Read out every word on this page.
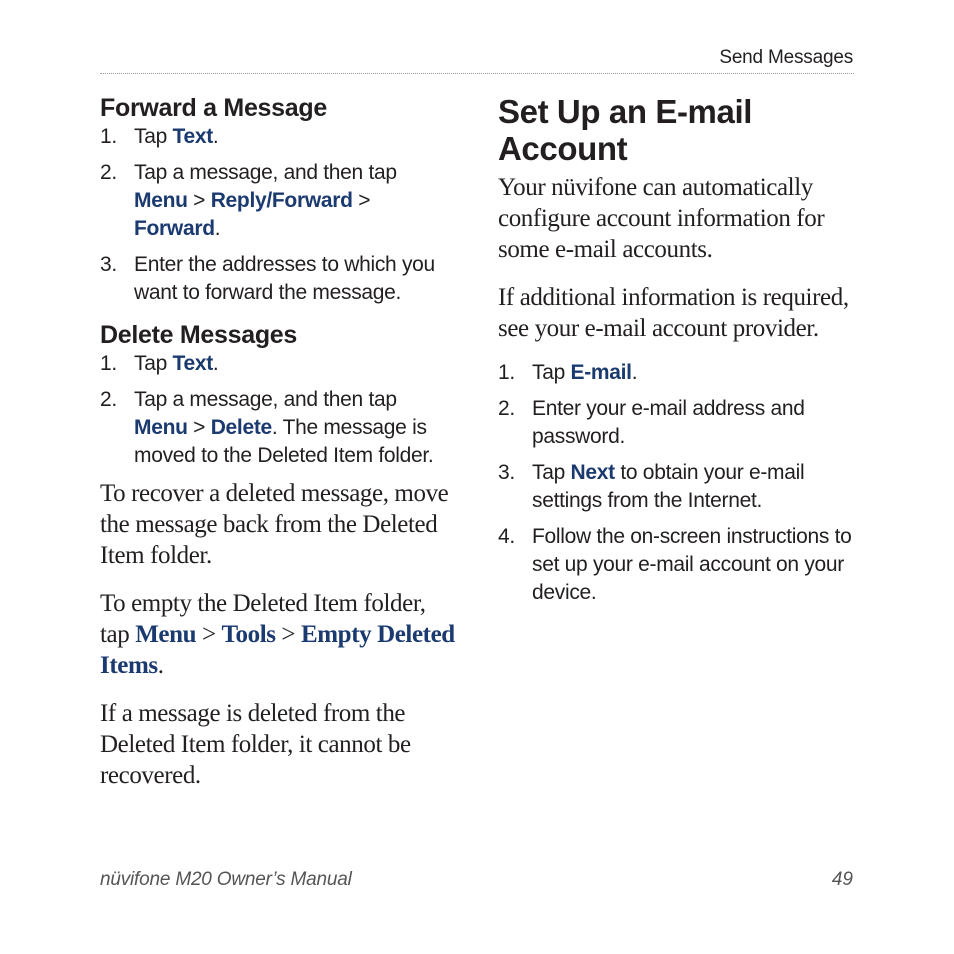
Send Messages
Forward a Message
1. Tap Text.
2. Tap a message, and then tap Menu > Reply/Forward > Forward.
3. Enter the addresses to which you want to forward the message.
Delete Messages
1. Tap Text.
2. Tap a message, and then tap Menu > Delete. The message is moved to the Deleted Item folder.

To recover a deleted message, move the message back from the Deleted Item folder.

To empty the Deleted Item folder, tap Menu > Tools > Empty Deleted Items.

If a message is deleted from the Deleted Item folder, it cannot be recovered.

Set Up an E-mail Account

Your nüvifone can automatically configure account information for some e-mail accounts.

If additional information is required, see your e-mail account provider.

1. Tap E-mail.
2. Enter your e-mail address and password.
3. Tap Next to obtain your e-mail settings from the Internet.
4. Follow the on-screen instructions to set up your e-mail account on your device.
nüvifone M20 Owner’s Manual	49
